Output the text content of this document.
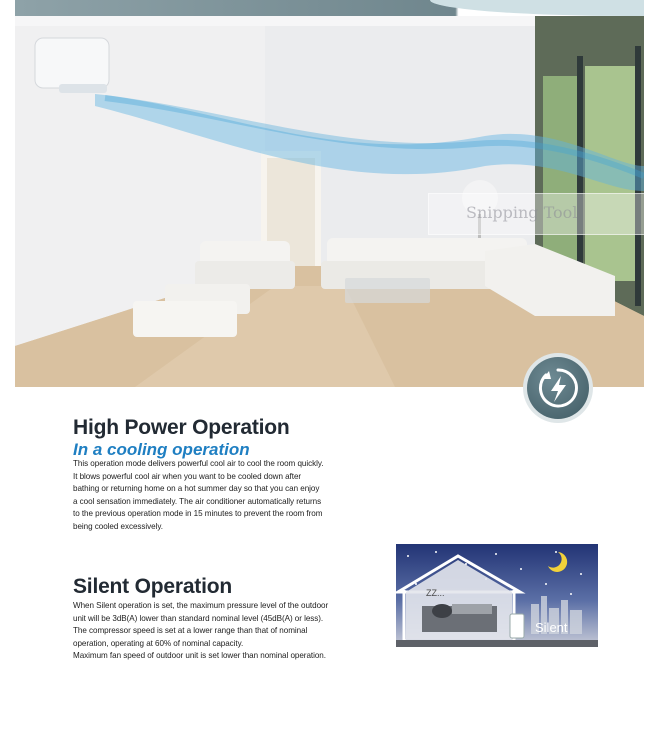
Snipping Tool
High Power Operation
In a cooling operation
This operation mode delivers powerful cool air to cool the room quickly.
It blows powerful cool air when you want to be cooled down after
bathing or returning home on a hot summer day so that you can enjoy
a cool sensation immediately. The air conditioner automatically returns
to the previous operation mode in 15 minutes to prevent the room from
being cooled excessively.
Silent Operation
When Silent operation is set, the maximum pressure level of the outdoor
unit will be 3dB(A) lower than standard nominal level (45dB(A) or less).
The compressor speed is set at a lower range than that of nominal
operation, operating at 60% of nominal capacity.
Maximum fan speed of outdoor unit is set lower than nominal operation.
ZZ...
Silent
